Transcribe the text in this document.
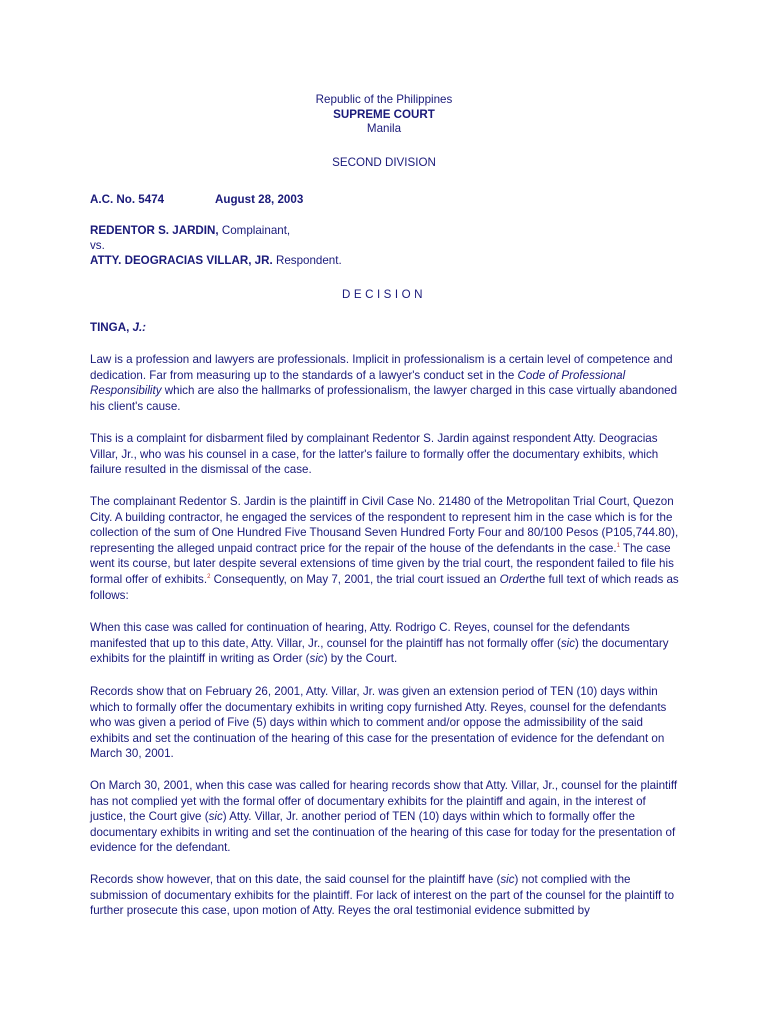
Republic of the Philippines
SUPREME COURT
Manila
SECOND DIVISION
A.C. No. 5474	August 28, 2003
REDENTOR S. JARDIN, Complainant,
vs.
ATTY. DEOGRACIAS VILLAR, JR. Respondent.
DECISION
TINGA, J.:

Law is a profession and lawyers are professionals. Implicit in professionalism is a certain level of competence and dedication. Far from measuring up to the standards of a lawyer's conduct set in the Code of Professional Responsibility which are also the hallmarks of professionalism, the lawyer charged in this case virtually abandoned his client's cause.

This is a complaint for disbarment filed by complainant Redentor S. Jardin against respondent Atty. Deogracias Villar, Jr., who was his counsel in a case, for the latter's failure to formally offer the documentary exhibits, which failure resulted in the dismissal of the case.

The complainant Redentor S. Jardin is the plaintiff in Civil Case No. 21480 of the Metropolitan Trial Court, Quezon City. A building contractor, he engaged the services of the respondent to represent him in the case which is for the collection of the sum of One Hundred Five Thousand Seven Hundred Forty Four and 80/100 Pesos (P105,744.80), representing the alleged unpaid contract price for the repair of the house of the defendants in the case.$^1$ The case went its course, but later despite several extensions of time given by the trial court, the respondent failed to file his formal offer of exhibits.$^2$ Consequently, on May 7, 2001, the trial court issued an Orderthe full text of which reads as follows:

When this case was called for continuation of hearing, Atty. Rodrigo C. Reyes, counsel for the defendants manifested that up to this date, Atty. Villar, Jr., counsel for the plaintiff has not formally offer (sic) the documentary exhibits for the plaintiff in writing as Order (sic) by the Court.

Records show that on February 26, 2001, Atty. Villar, Jr. was given an extension period of TEN (10) days within which to formally offer the documentary exhibits in writing copy furnished Atty. Reyes, counsel for the defendants who was given a period of Five (5) days within which to comment and/or oppose the admissibility of the said exhibits and set the continuation of the hearing of this case for the presentation of evidence for the defendant on March 30, 2001.

On March 30, 2001, when this case was called for hearing records show that Atty. Villar, Jr., counsel for the plaintiff has not complied yet with the formal offer of documentary exhibits for the plaintiff and again, in the interest of justice, the Court give (sic) Atty. Villar, Jr. another period of TEN (10) days within which to formally offer the documentary exhibits in writing and set the continuation of the hearing of this case for today for the presentation of evidence for the defendant.

Records show however, that on this date, the said counsel for the plaintiff have (sic) not complied with the submission of documentary exhibits for the plaintiff. For lack of interest on the part of the counsel for the plaintiff to further prosecute this case, upon motion of Atty. Reyes the oral testimonial evidence submitted by
